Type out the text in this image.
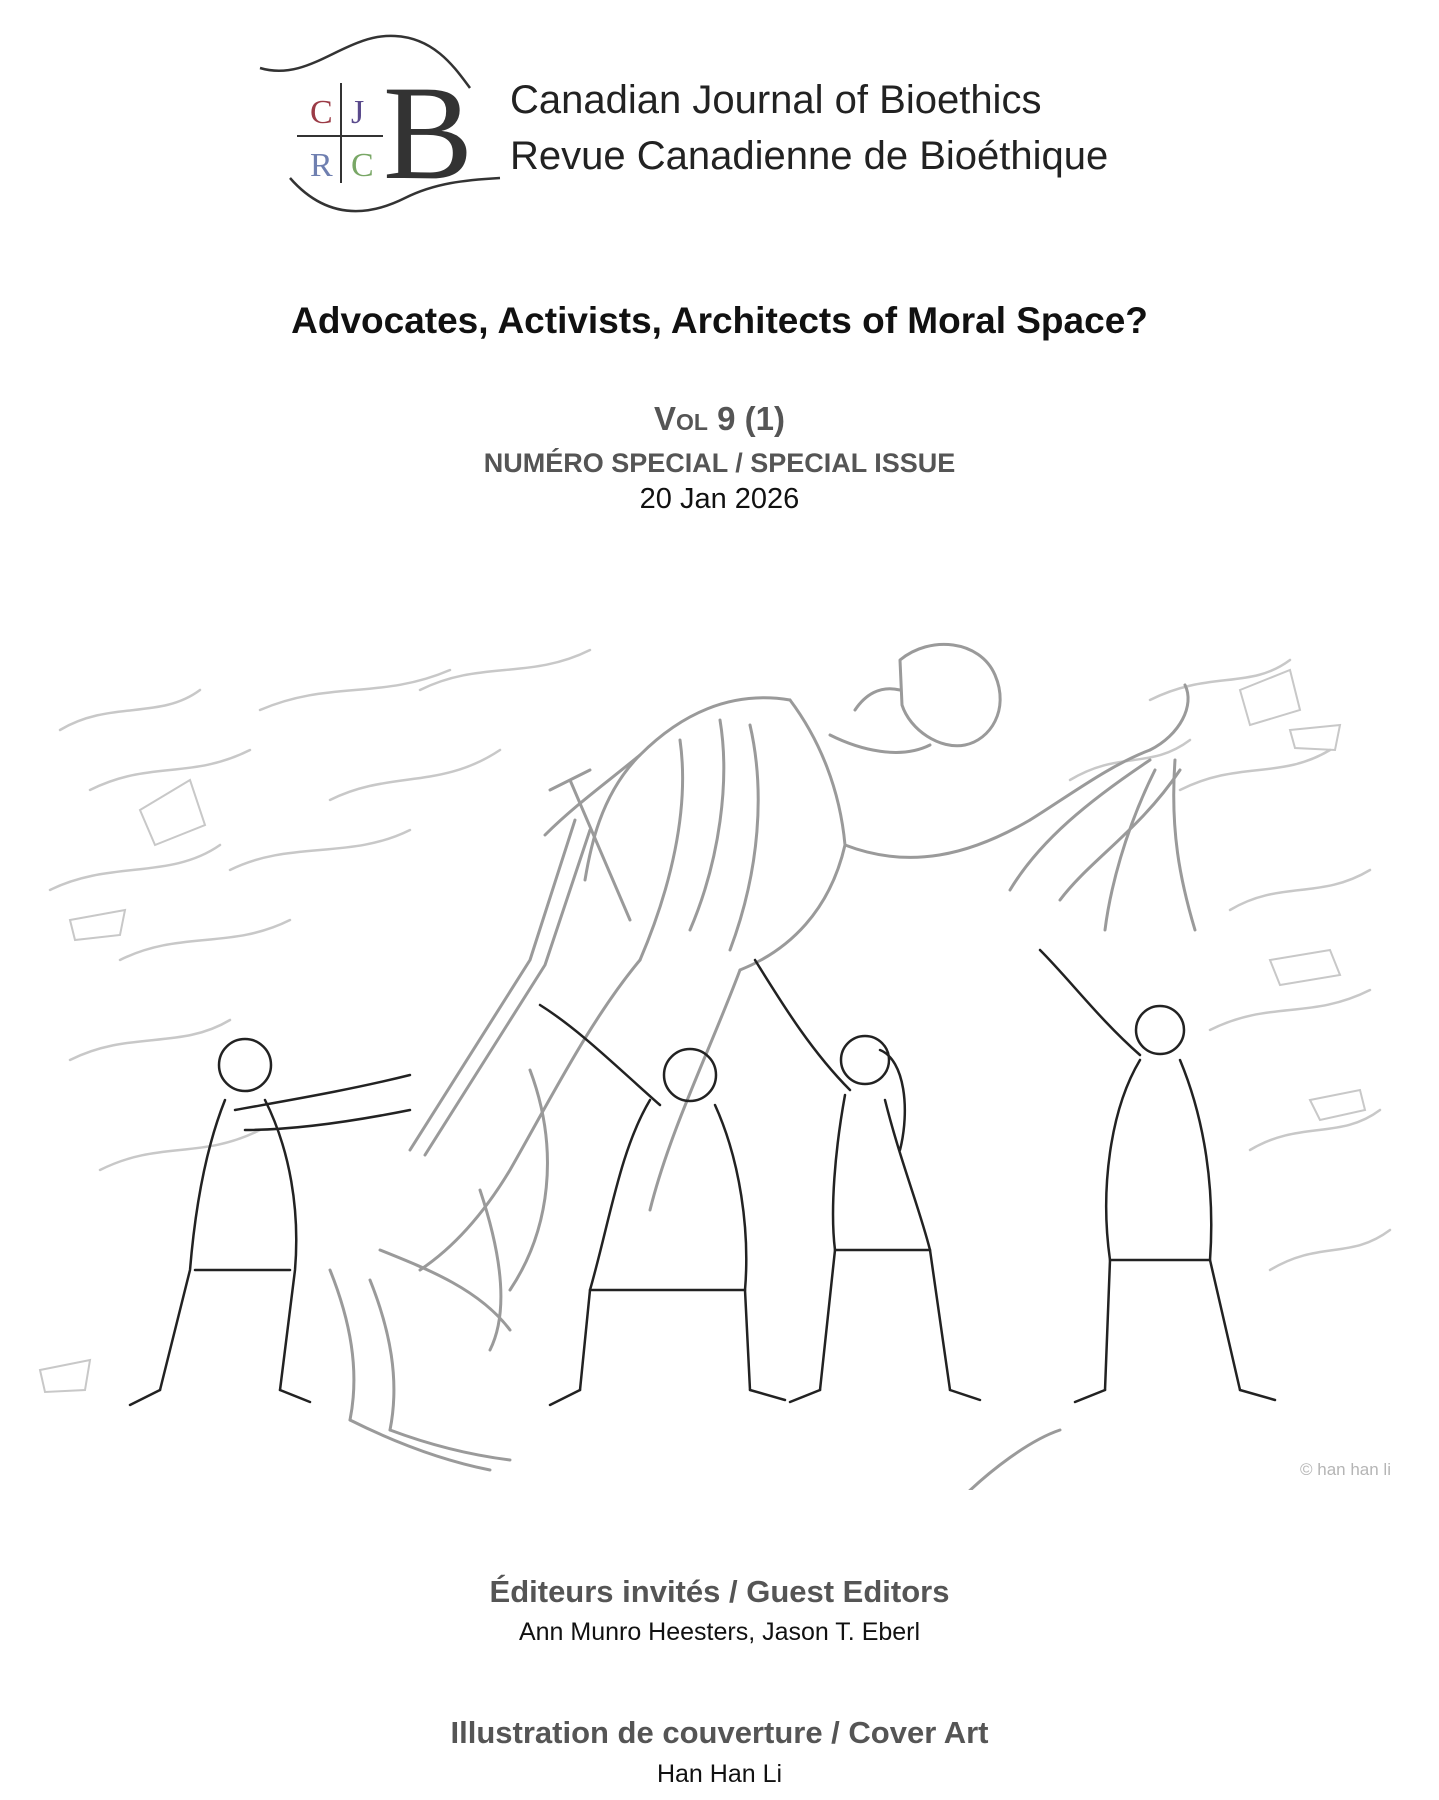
C J
R C B Canadian Journal of Bioethics
Revue Canadienne de Bioéthique
Advocates, Activists, Architects of Moral Space?
Vol 9 (1)
NUMÉRO SPECIAL / SPECIAL ISSUE
20 Jan 2026
© han han li
Éditeurs invités / Guest Editors
Ann Munro Heesters, Jason T. Eberl
Illustration de couverture / Cover Art
Han Han Li
